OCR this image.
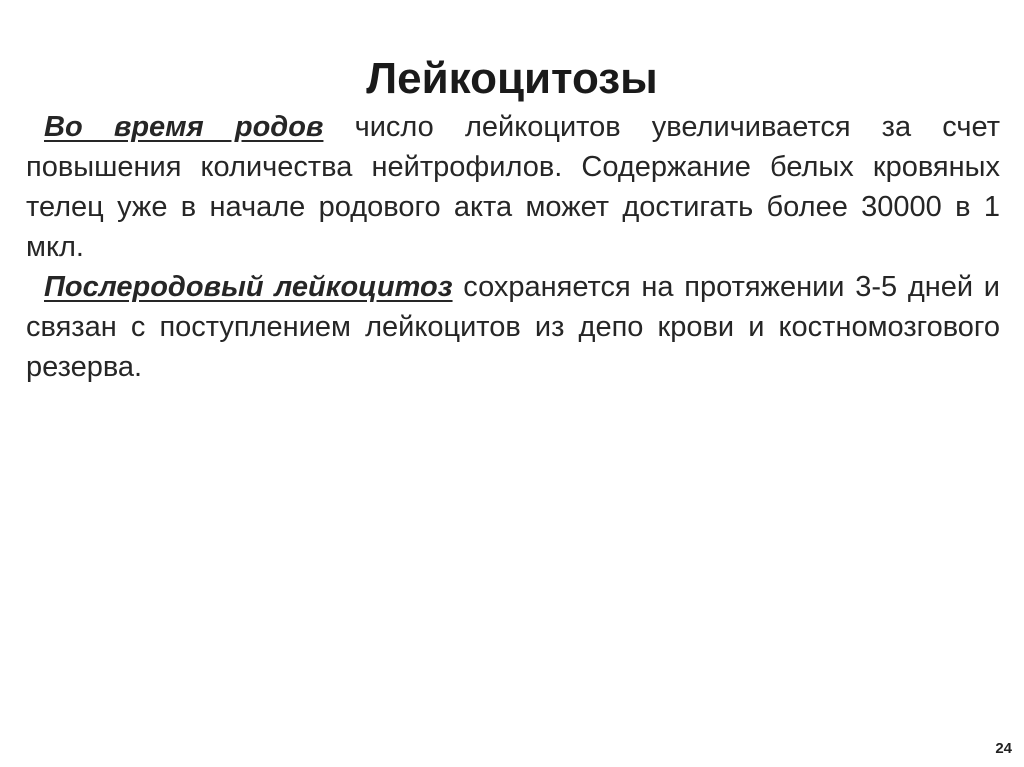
Лейкоцитозы

Во время родов число лейкоцитов увеличивается за счет повышения количества нейтрофилов. Содержание белых кровяных телец уже в начале родового акта может достигать более 30000 в 1 мкл.

Послеродовый лейкоцитоз сохраняется на протяжении 3-5 дней и связан с поступлением лейкоцитов из депо крови и костномозгового резерва.

24
